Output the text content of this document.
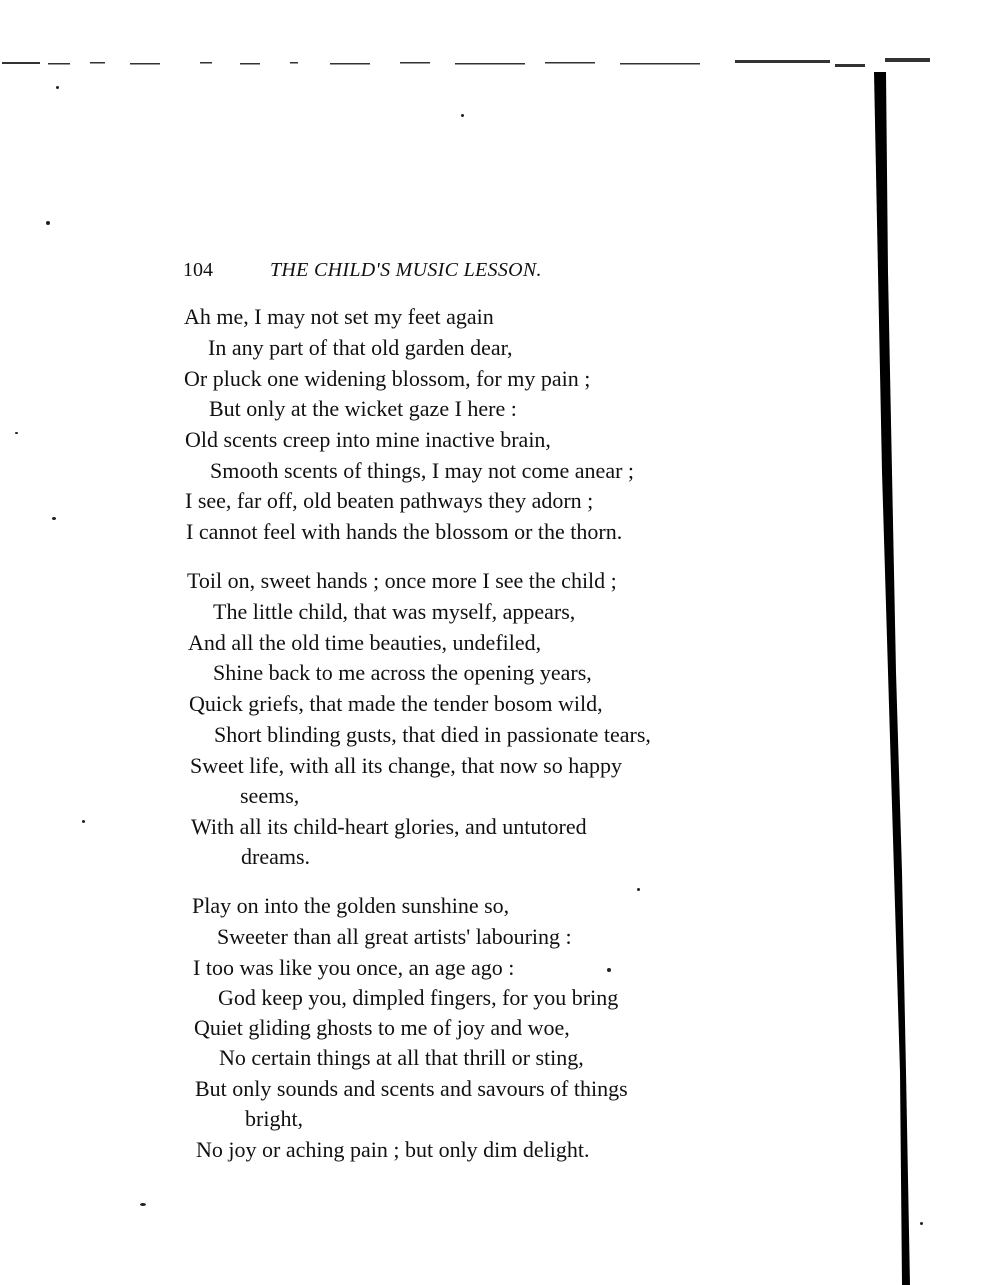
104	THE CHILD'S MUSIC LESSON.
Ah me, I may not set my feet again
In any part of that old garden dear,
Or pluck one widening blossom, for my pain ;
But only at the wicket gaze I here :
Old scents creep into mine inactive brain,
Smooth scents of things, I may not come anear ;
I see, far off, old beaten pathways they adorn ;
I cannot feel with hands the blossom or the thorn.
Toil on, sweet hands ; once more I see the child ;
The little child, that was myself, appears,
And all the old time beauties, undefiled,
Shine back to me across the opening years,
Quick griefs, that made the tender bosom wild,
Short blinding gusts, that died in passionate tears,
Sweet life, with all its change, that now so happy
seems,
With all its child-heart glories, and untutored
dreams.
Play on into the golden sunshine so,
Sweeter than all great artists' labouring :
I too was like you once, an age ago :
God keep you, dimpled fingers, for you bring
Quiet gliding ghosts to me of joy and woe,
No certain things at all that thrill or sting,
But only sounds and scents and savours of things
bright,
No joy or aching pain ; but only dim delight.
